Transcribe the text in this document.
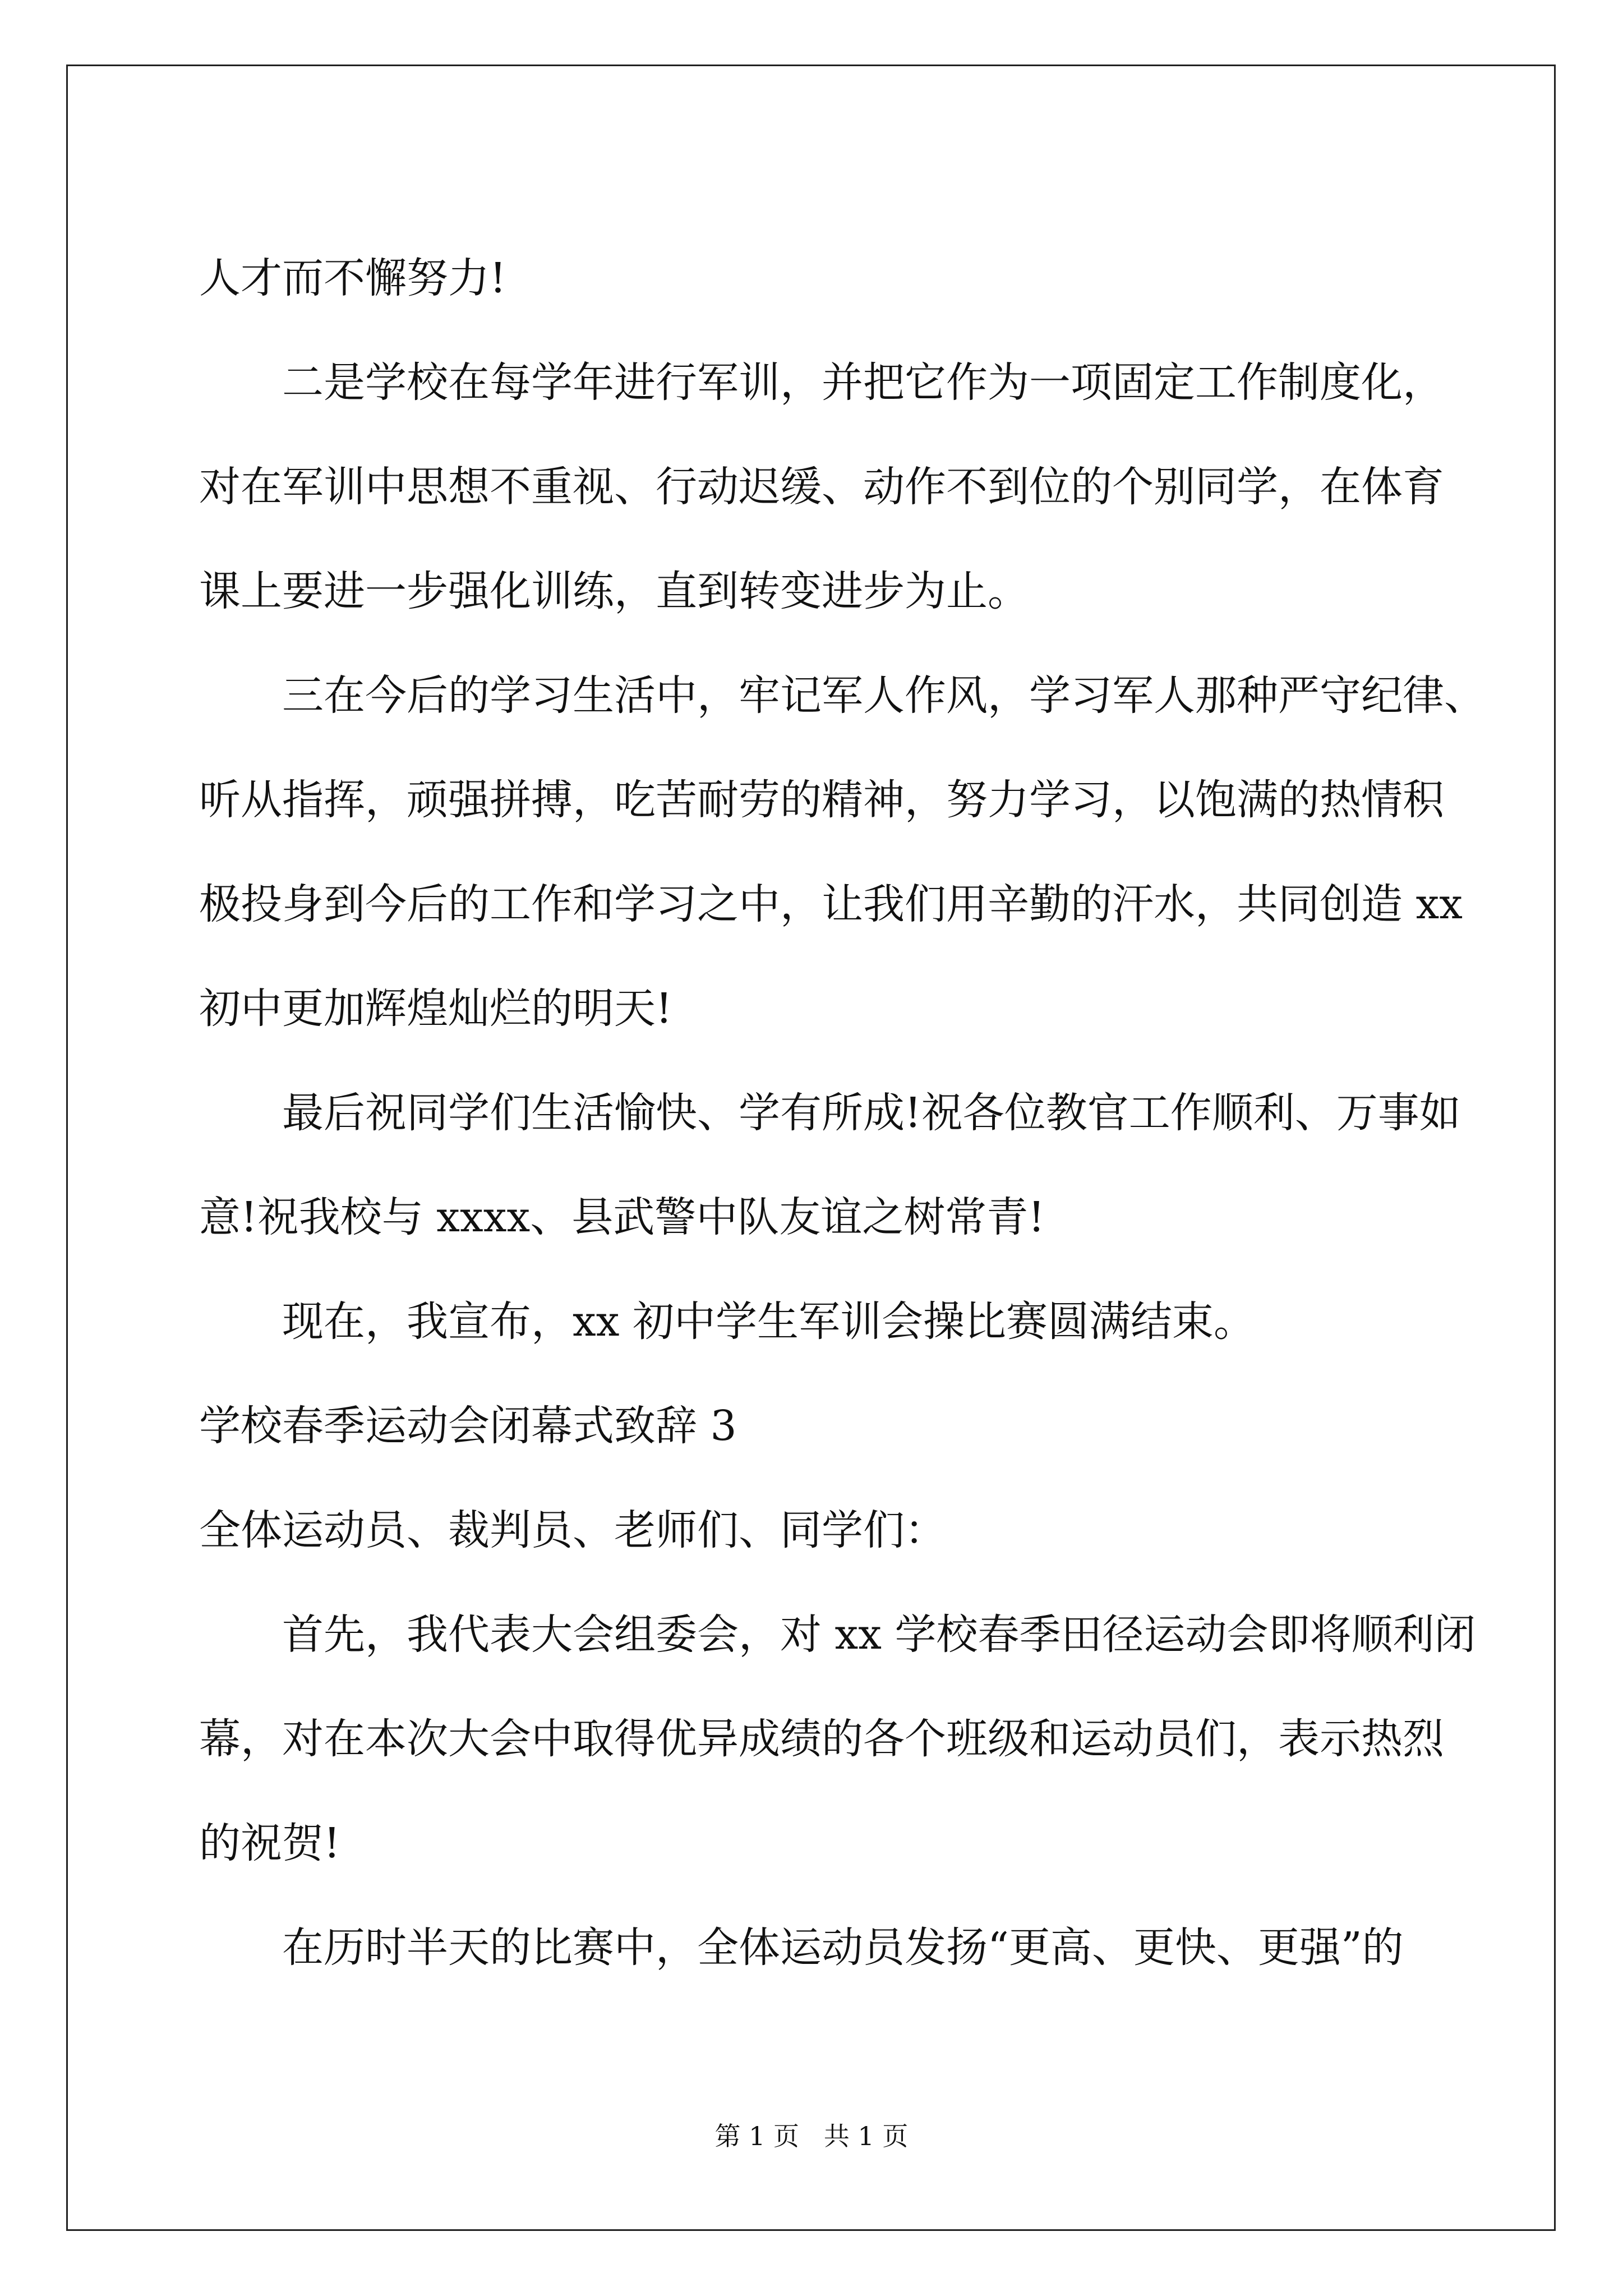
人才而不懈努力!
二是学校在每学年进行军训，并把它作为一项固定工作制度化，
对在军训中思想不重视、行动迟缓、动作不到位的个别同学，在体育
课上要进一步强化训练，直到转变进步为止。
三在今后的学习生活中，牢记军人作风，学习军人那种严守纪律、
听从指挥，顽强拼搏，吃苦耐劳的精神，努力学习，以饱满的热情积
极投身到今后的工作和学习之中，让我们用辛勤的汗水，共同创造 xx
初中更加辉煌灿烂的明天!
最后祝同学们生活愉快、学有所成!祝各位教官工作顺利、万事如
意!祝我校与 xxxx、县武警中队友谊之树常青!
现在，我宣布，xx 初中学生军训会操比赛圆满结束。
学校春季运动会闭幕式致辞 3
全体运动员、裁判员、老师们、同学们：
首先，我代表大会组委会，对 xx 学校春季田径运动会即将顺利闭
幕，对在本次大会中取得优异成绩的各个班级和运动员们，表示热烈
的祝贺!
在历时半天的比赛中，全体运动员发扬“更高、更快、更强”的
第 1 页   共 1 页
